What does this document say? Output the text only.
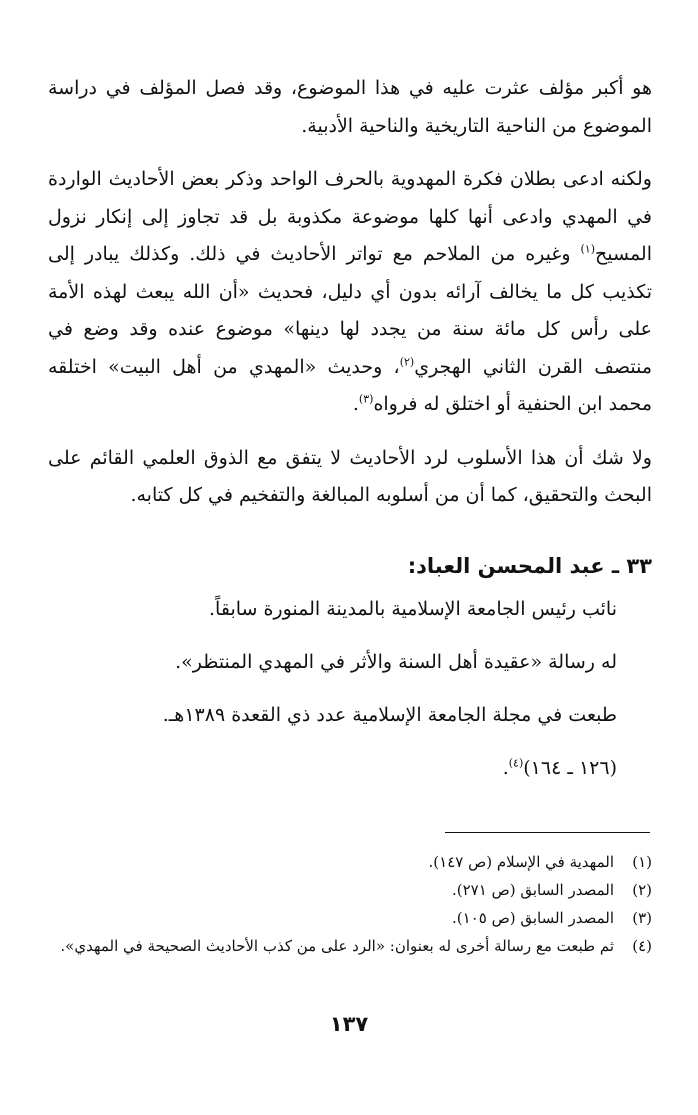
هو أكبر مؤلف عثرت عليه في هذا الموضوع، وقد فصل المؤلف في دراسة الموضوع من الناحية التاريخية والناحية الأدبية.

ولكنه ادعى بطلان فكرة المهدوية بالحرف الواحد وذكر بعض الأحاديث الواردة في المهدي وادعى أنها كلها موضوعة مكذوبة بل قد تجاوز إلى إنكار نزول المسيح$^{(١)}$ وغيره من الملاحم مع تواتر الأحاديث في ذلك. وكذلك يبادر إلى تكذيب كل ما يخالف آرائه بدون أي دليل، فحديث «أن الله يبعث لهذه الأمة على رأس كل مائة سنة من يجدد لها دينها» موضوع عنده وقد وضع في منتصف القرن الثاني الهجري$^{(٢)}$، وحديث «المهدي من أهل البيت» اختلقه محمد ابن الحنفية أو اختلق له فرواه$^{(٣)}$.

ولا شك أن هذا الأسلوب لرد الأحاديث لا يتفق مع الذوق العلمي القائم على البحث والتحقيق، كما أن من أسلوبه المبالغة والتفخيم في كل كتابه.

٣٣ ـ عبد المحسن العباد:

نائب رئيس الجامعة الإسلامية بالمدينة المنورة سابقاً.

له رسالة «عقيدة أهل السنة والأثر في المهدي المنتظر».

طبعت في مجلة الجامعة الإسلامية عدد ذي القعدة ١٣٨٩هـ.

(١٢٦ ـ ١٦٤)$^{(٤)}$.

(١)
المهدية في الإسلام (ص ١٤٧).

(٢)
المصدر السابق (ص ٢٧١).

(٣)
المصدر السابق (ص ١٠٥).

(٤)
ثم طبعت مع رسالة أخرى له بعنوان: «الرد على من كذب الأحاديث الصحيحة في المهدي».

١٣٧
